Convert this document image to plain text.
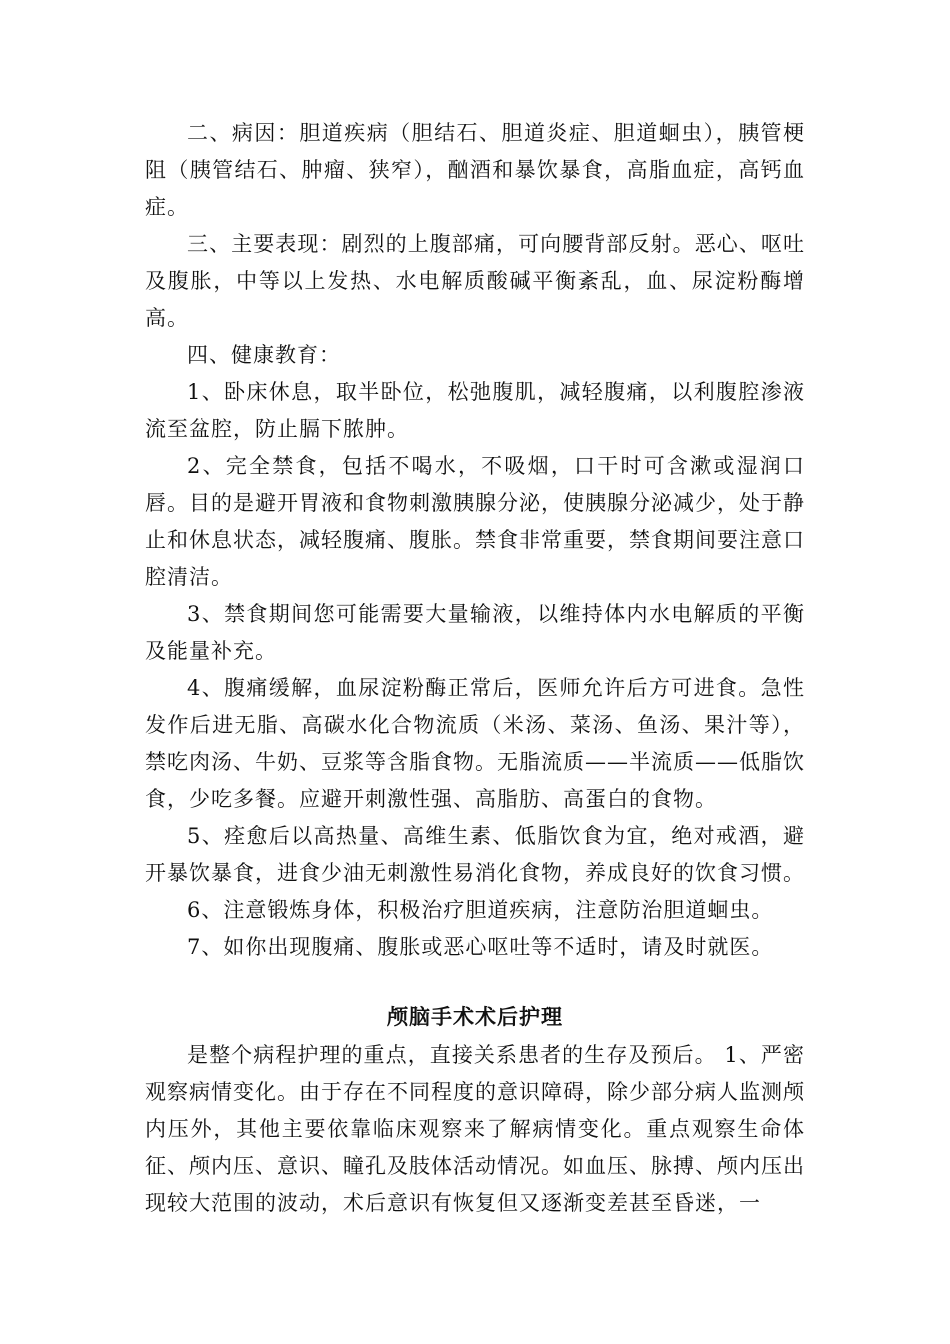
二、病因：胆道疾病（胆结石、胆道炎症、胆道蛔虫），胰管梗阻（胰管结石、肿瘤、狭窄），酗酒和暴饮暴食，高脂血症，高钙血症。

三、主要表现：剧烈的上腹部痛，可向腰背部反射。恶心、呕吐及腹胀，中等以上发热、水电解质酸碱平衡紊乱，血、尿淀粉酶增高。

四、健康教育：

1、卧床休息，取半卧位，松弛腹肌，减轻腹痛，以利腹腔渗液流至盆腔，防止膈下脓肿。

2、完全禁食，包括不喝水，不吸烟，口干时可含漱或湿润口唇。目的是避开胃液和食物刺激胰腺分泌，使胰腺分泌减少，处于静止和休息状态，减轻腹痛、腹胀。禁食非常重要，禁食期间要注意口腔清洁。

3、禁食期间您可能需要大量输液，以维持体内水电解质的平衡及能量补充。

4、腹痛缓解，血尿淀粉酶正常后，医师允许后方可进食。急性发作后进无脂、高碳水化合物流质（米汤、菜汤、鱼汤、果汁等），禁吃肉汤、牛奶、豆浆等含脂食物。无脂流质——半流质——低脂饮食，少吃多餐。应避开刺激性强、高脂肪、高蛋白的食物。

5、痊愈后以高热量、高维生素、低脂饮食为宜，绝对戒酒，避开暴饮暴食，进食少油无刺激性易消化食物，养成良好的饮食习惯。

6、注意锻炼身体，积极治疗胆道疾病，注意防治胆道蛔虫。

7、如你出现腹痛、腹胀或恶心呕吐等不适时，请及时就医。

颅脑手术术后护理

是整个病程护理的重点，直接关系患者的生存及预后。 1、严密观察病情变化。由于存在不同程度的意识障碍，除少部分病人监测颅内压外，其他主要依靠临床观察来了解病情变化。重点观察生命体征、颅内压、意识、瞳孔及肢体活动情况。如血压、脉搏、颅内压出现较大范围的波动，术后意识有恢复但又逐渐变差甚至昏迷，一
